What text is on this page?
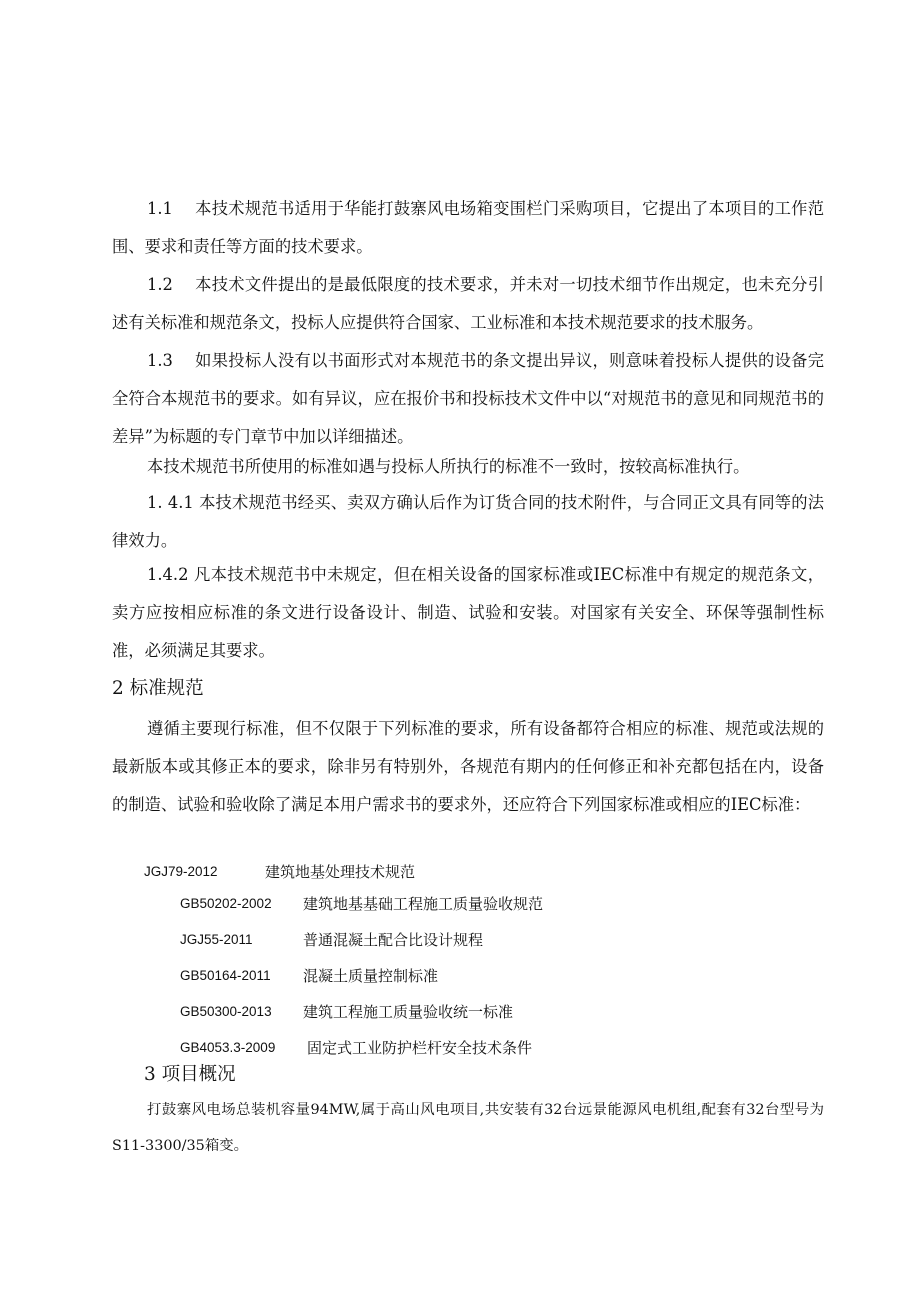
1.1 本技术规范书适用于华能打鼓寨风电场箱变围栏门采购项目，它提出了本项目的工作范围、要求和责任等方面的技术要求。

1.2 本技术文件提出的是最低限度的技术要求，并未对一切技术细节作出规定，也未充分引述有关标准和规范条文，投标人应提供符合国家、工业标准和本技术规范要求的技术服务。

1.3 如果投标人没有以书面形式对本规范书的条文提出异议，则意味着投标人提供的设备完全符合本规范书的要求。如有异议，应在报价书和投标技术文件中以“对规范书的意见和同规范书的差异”为标题的专门章节中加以详细描述。

本技术规范书所使用的标准如遇与投标人所执行的标准不一致时，按较高标准执行。

1. 4.1 本技术规范书经买、卖双方确认后作为订货合同的技术附件，与合同正文具有同等的法律效力。

1.4.2 凡本技术规范书中未规定，但在相关设备的国家标准或IEC标准中有规定的规范条文，卖方应按相应标准的条文进行设备设计、制造、试验和安装。对国家有关安全、环保等强制性标准，必须满足其要求。

2 标准规范

遵循主要现行标准，但不仅限于下列标准的要求，所有设备都符合相应的标准、规范或法规的最新版本或其修正本的要求，除非另有特别外，各规范有期内的任何修正和补充都包括在内，设备的制造、试验和验收除了满足本用户需求书的要求外，还应符合下列国家标准或相应的IEC标准：

JGJ79-2012	建筑地基处理技术规范
GB50202-2002 建筑地基基础工程施工质量验收规范
JGJ55-2011	普通混凝土配合比设计规程
GB50164-2011 混凝土质量控制标准
GB50300-2013 建筑工程施工质量验收统一标准
GB4053.3-2009 固定式工业防护栏杆安全技术条件
3 项目概况

打鼓寨风电场总装机容量94MW,属于高山风电项目,共安装有32台远景能源风电机组,配套有32台型号为S11-3300/35箱变。
